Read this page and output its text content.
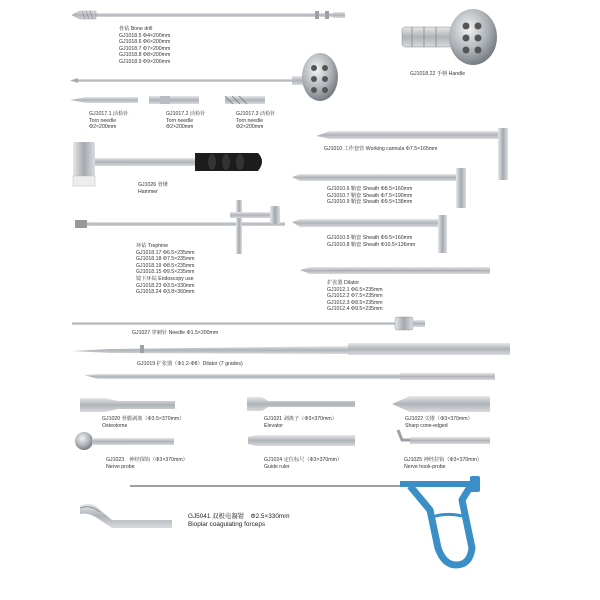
骨钻 Bone drill
GJ1018.5 Φ4×200mm
GJ1018.6 Φ6×200mm
GJ1018.7 Φ7×200mm
GJ1018.8 Φ8×200mm
GJ1018.9 Φ9×200mm
GJ1018.22 手柄 Handle
GJ1017.1 活检针
Torn needle
Φ2×200mm
GJ1017.2 活检针
Torn needle
Φ2×200mm
GJ1017.3 活检针
Torn needle
Φ2×200mm
GJ1010 工作套管 Working cannula Φ7.5×165mm
GJ1026 骨锤
Hammer	GJ1010.6 鞘套 Sheath Φ8.5×160mm
GJ1010.7 鞘套 Sheath Φ7.5×190mm
GJ1010.9 鞘套 Sheath Φ9.5×138mm
GJ1010.5 鞘套 Sheath Φ9.5×160mm
GJ1010.8 鞘套 Sheath Φ10.5×136mm
环钻 Trephine
GJ1018.17 Φ6.5×235mm
GJ1018.18 Φ7.5×235mm
GJ1018.19 Φ8.5×235mm
GJ1018.15 Φ9.5×235mm
镜下环钻 Endoscopy use
GJ1018.23 Φ3.5×330mm
GJ1018.24 Φ3.8×360mm
扩张器 Dilator
GJ1012.1 Φ6.5×235mm
GJ1012.2 Φ7.5×235mm
GJ1012.3 Φ8.5×235mm
GJ1012.4 Φ9.5×235mm
GJ1027 穿刺针 Needle Φ1.5×200mm
GJ1019 扩张器（Φ1.2-Φ8）Dilator (7 grades)
GJ1020 骨膜剥离（Φ3.5×370mm）
Osteotome
GJ1021 剥离子（Φ3×370mm）
Elevator
GJ1022 尖锥（Φ3×370mm）
Sharp cone-edged
GJ1023　神经探钩（Φ3×370mm）
Nerve probe
GJ1024 定位标尺（Φ3×370mm）
Guide ruler
GJ1025 神经拉钩（Φ3×370mm）
Nerve hook-probe
GJ5041 双极电凝钳　Φ2.5×330mm
Bioplar coagulating forceps
